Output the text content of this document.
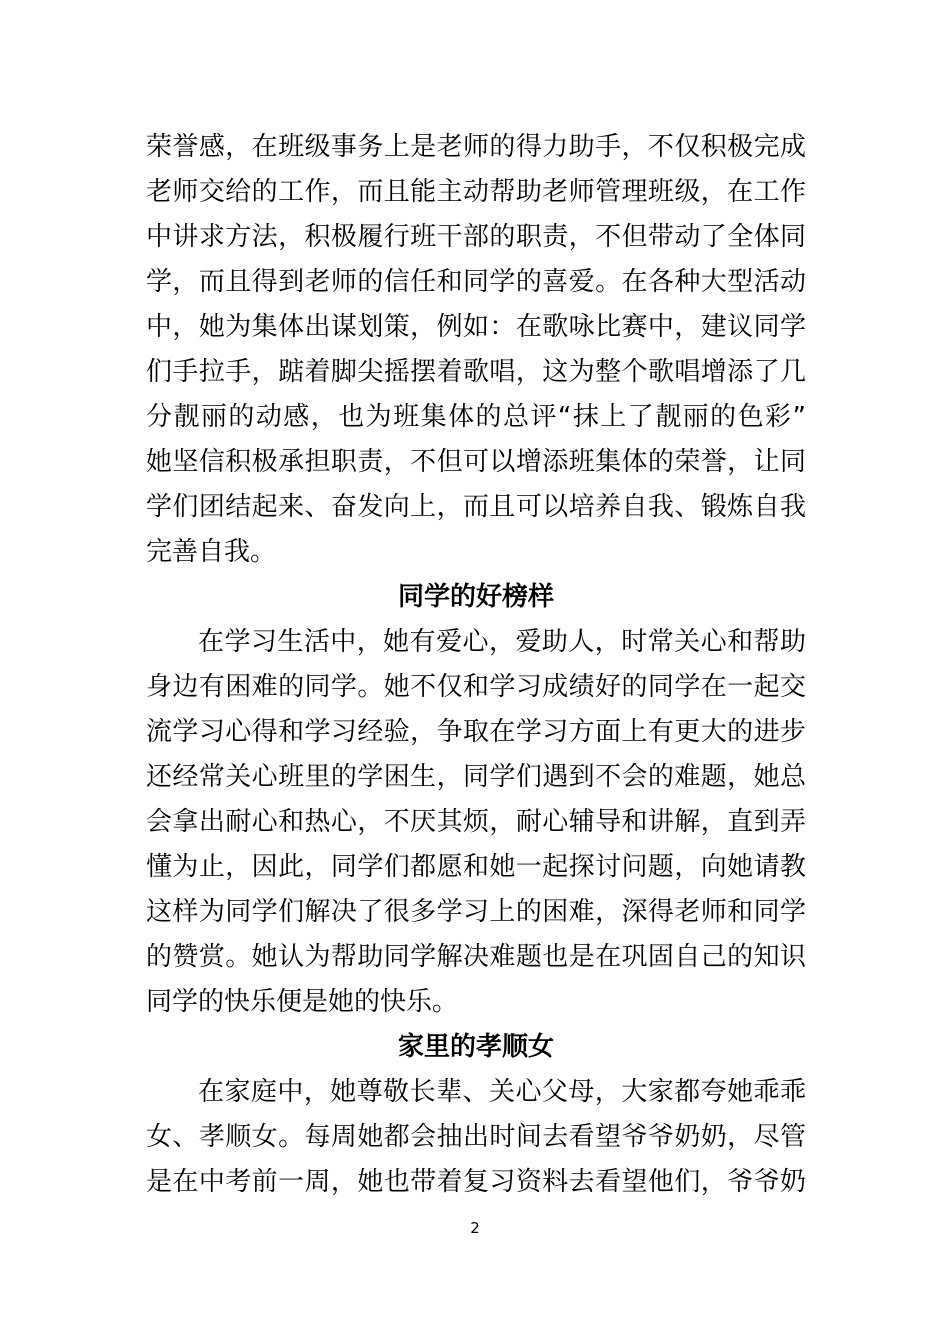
荣誉感，在班级事务上是老师的得力助手，不仅积极完成
老师交给的工作，而且能主动帮助老师管理班级，在工作
中讲求方法，积极履行班干部的职责，不但带动了全体同
学，而且得到老师的信任和同学的喜爱。在各种大型活动
中，她为集体出谋划策，例如：在歌咏比赛中，建议同学
们手拉手，踮着脚尖摇摆着歌唱，这为整个歌唱增添了几
分靓丽的动感，也为班集体的总评“抹上了靓丽的色彩”
她坚信积极承担职责，不但可以增添班集体的荣誉，让同
学们团结起来、奋发向上，而且可以培养自我、锻炼自我
完善自我。
同学的好榜样
在学习生活中，她有爱心，爱助人，时常关心和帮助
身边有困难的同学。她不仅和学习成绩好的同学在一起交
流学习心得和学习经验，争取在学习方面上有更大的进步
还经常关心班里的学困生，同学们遇到不会的难题，她总
会拿出耐心和热心，不厌其烦，耐心辅导和讲解，直到弄
懂为止，因此，同学们都愿和她一起探讨问题，向她请教
这样为同学们解决了很多学习上的困难，深得老师和同学
的赞赏。她认为帮助同学解决难题也是在巩固自己的知识
同学的快乐便是她的快乐。
家里的孝顺女
在家庭中，她尊敬长辈、关心父母，大家都夸她乖乖
女、孝顺女。每周她都会抽出时间去看望爷爷奶奶，尽管
是在中考前一周，她也带着复习资料去看望他们，爷爷奶
2
